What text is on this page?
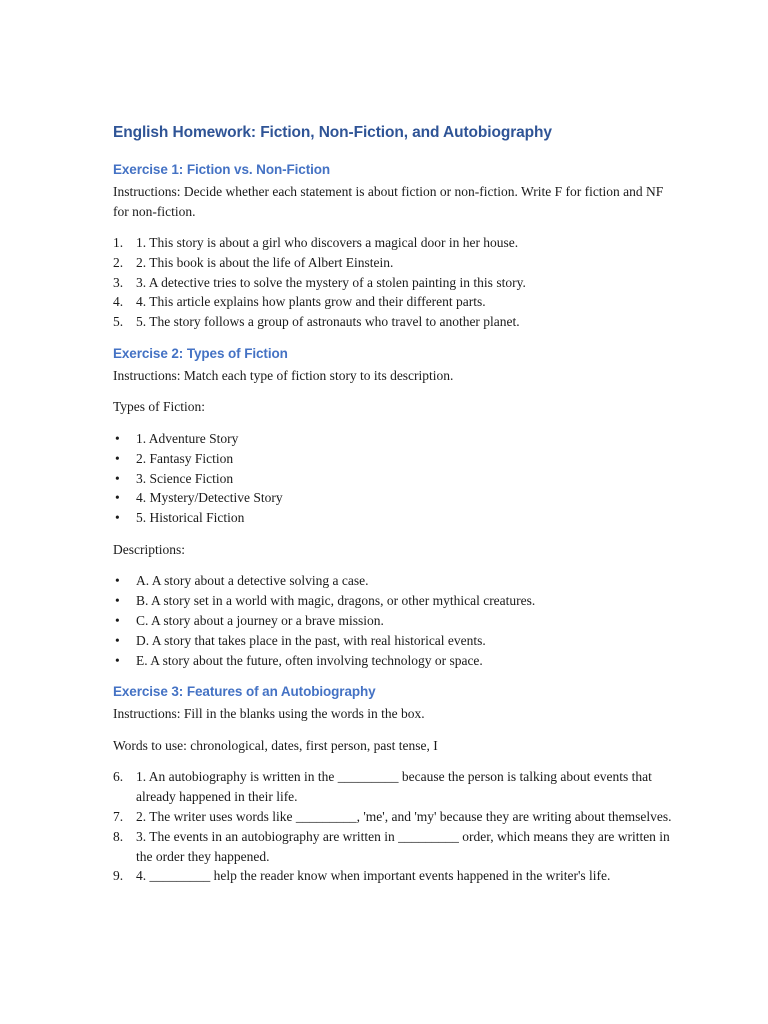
English Homework: Fiction, Non-Fiction, and Autobiography
Exercise 1: Fiction vs. Non-Fiction

Instructions: Decide whether each statement is about fiction or non-fiction. Write F for fiction and NF for non-fiction.

1. 1. This story is about a girl who discovers a magical door in her house.
2. 2. This book is about the life of Albert Einstein.
3. 3. A detective tries to solve the mystery of a stolen painting in this story.
4. 4. This article explains how plants grow and their different parts.
5. 5. The story follows a group of astronauts who travel to another planet.
Exercise 2: Types of Fiction

Instructions: Match each type of fiction story to its description.

Types of Fiction:

• 1. Adventure Story
• 2. Fantasy Fiction
• 3. Science Fiction
• 4. Mystery/Detective Story
• 5. Historical Fiction

Descriptions:

• A. A story about a detective solving a case.
• B. A story set in a world with magic, dragons, or other mythical creatures.
• C. A story about a journey or a brave mission.
• D. A story that takes place in the past, with real historical events.
• E. A story about the future, often involving technology or space.
Exercise 3: Features of an Autobiography

Instructions: Fill in the blanks using the words in the box.

Words to use: chronological, dates, first person, past tense, I

6. 1. An autobiography is written in the _________ because the person is talking about events that already happened in their life.
7. 2. The writer uses words like _________, 'me', and 'my' because they are writing about themselves.
8. 3. The events in an autobiography are written in _________ order, which means they are written in the order they happened.
9. 4. _________ help the reader know when important events happened in the writer's life.
